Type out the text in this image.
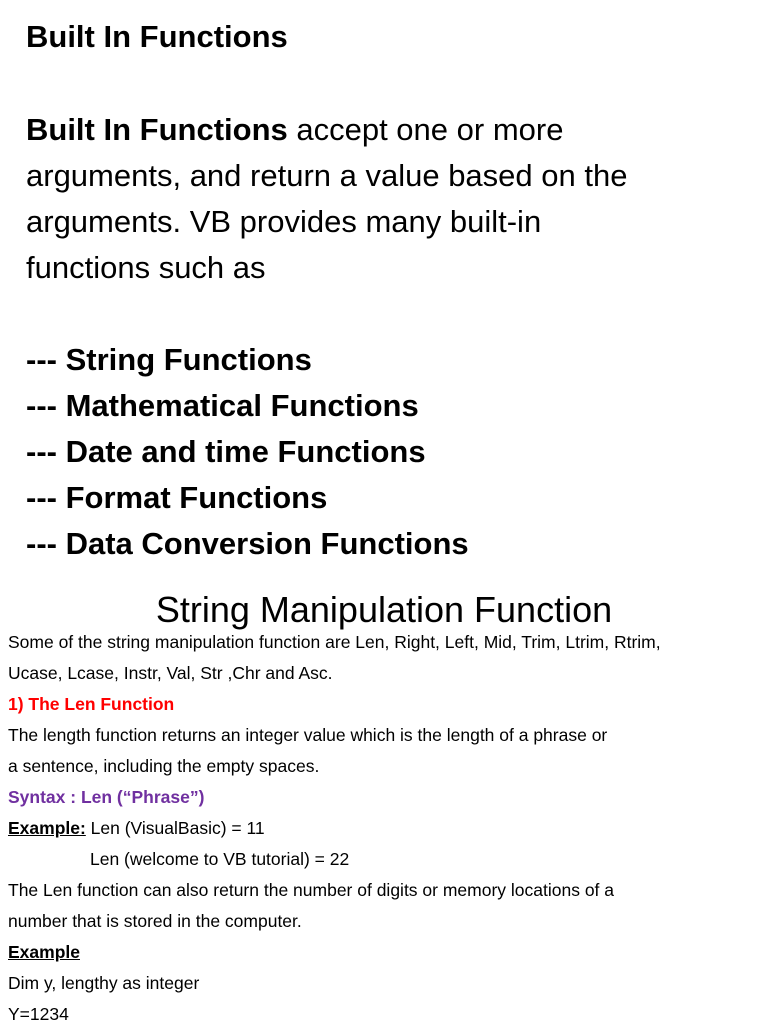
Built In Functions
Built In Functions accept one or more
arguments, and return a value based on the
arguments. VB provides many built-in
functions such as
--- String Functions
--- Mathematical Functions
--- Date and time Functions
--- Format Functions
--- Data Conversion Functions
String Manipulation Function
Some of the string manipulation function are Len, Right, Left, Mid, Trim, Ltrim, Rtrim,
Ucase, Lcase, Instr, Val, Str ,Chr and Asc.
1) The Len Function
The length function returns an integer value which is the length of a phrase or
a sentence, including the empty spaces.
Syntax : Len (“Phrase”)
Example: Len (VisualBasic) = 11
Len (welcome to VB tutorial) = 22
The Len function can also return the number of digits or memory locations of a
number that is stored in the computer.
Example
Dim y, lengthy as integer
Y=1234
